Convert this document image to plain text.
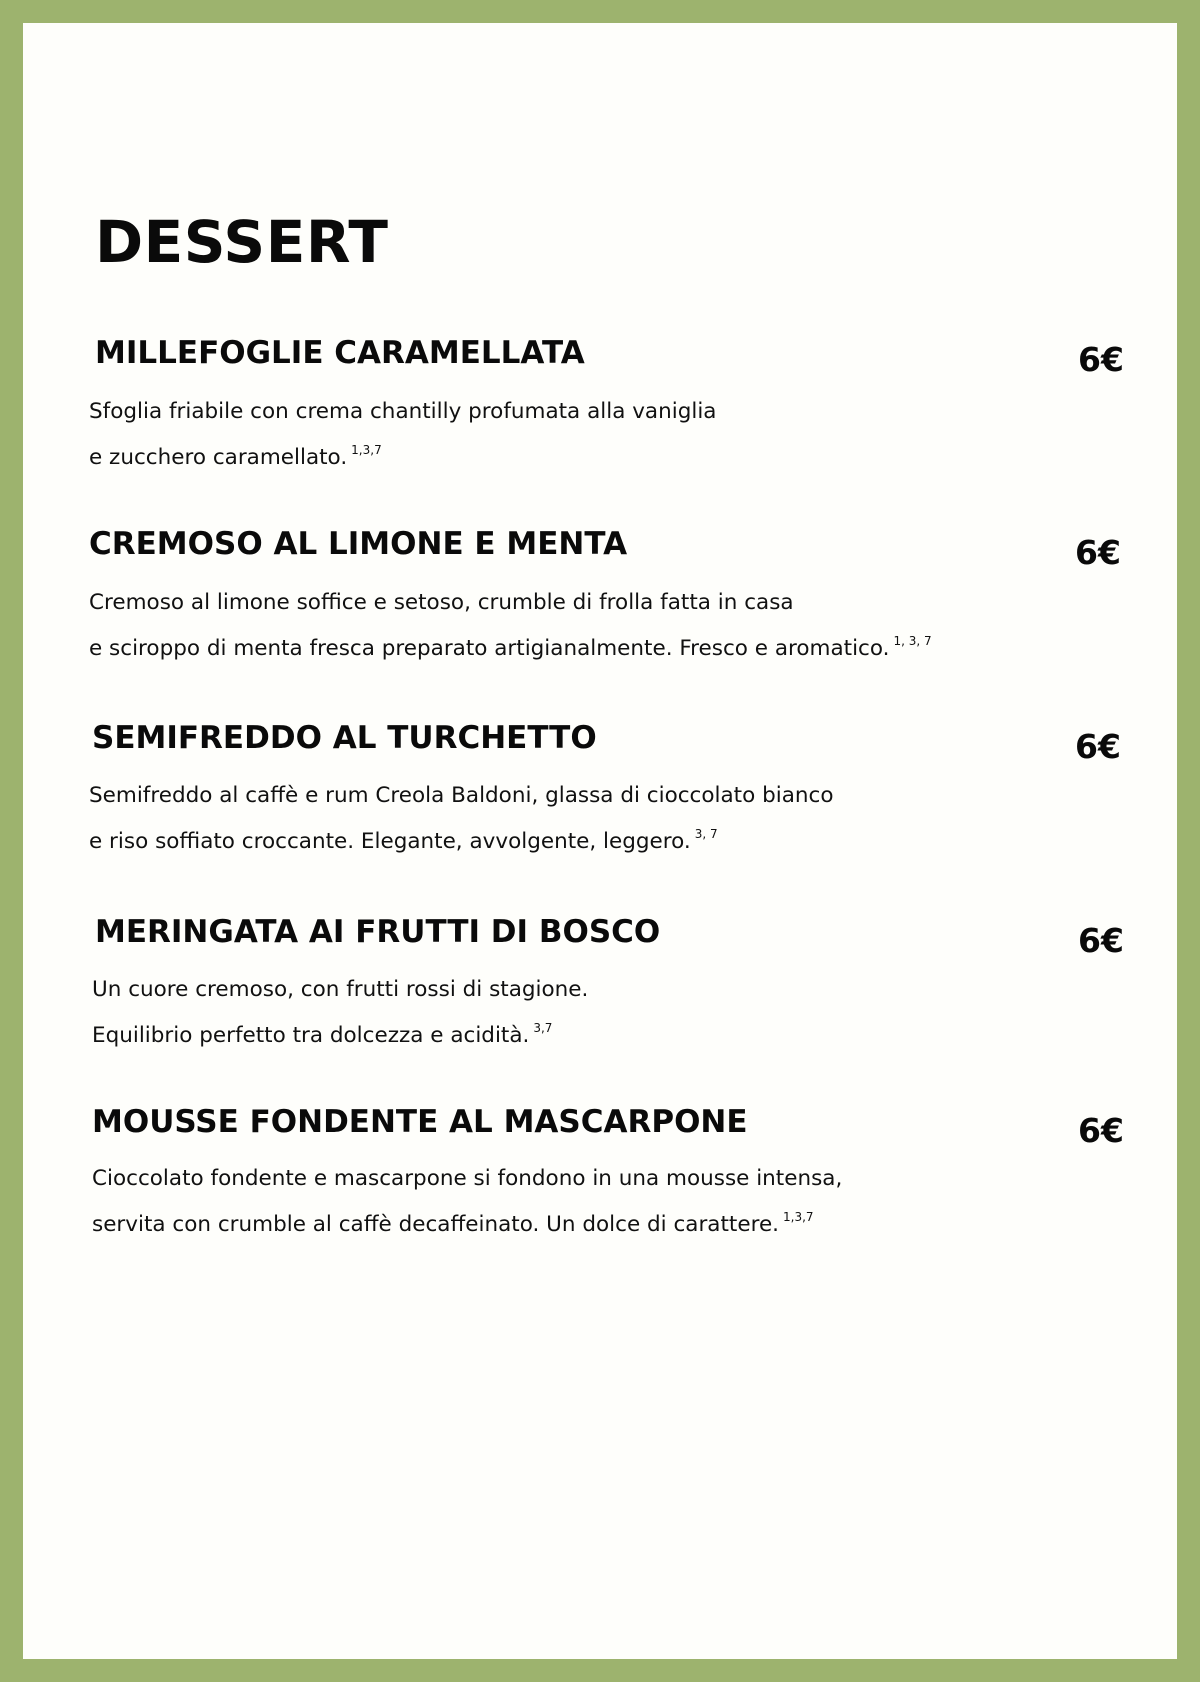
DESSERT
MILLEFOGLIE CARAMELLATA	6€
Sfoglia friabile con crema chantilly profumata alla vaniglia
e zucchero caramellato. $^{1,3,7}$
CREMOSO AL LIMONE E MENTA	6€
Cremoso al limone soffice e setoso, crumble di frolla fatta in casa
e sciroppo di menta fresca preparato artigianalmente. Fresco e aromatico. $^{1, 3, 7}$
SEMIFREDDO AL TURCHETTO	6€
Semifreddo al caffè e rum Creola Baldoni, glassa di cioccolato bianco
e riso soffiato croccante. Elegante, avvolgente, leggero. $^{3, 7}$
MERINGATA AI FRUTTI DI BOSCO	6€
Un cuore cremoso, con frutti rossi di stagione.
Equilibrio perfetto tra dolcezza e acidità. $^{3,7}$
MOUSSE FONDENTE AL MASCARPONE	6€
Cioccolato fondente e mascarpone si fondono in una mousse intensa,
servita con crumble al caffè decaffeinato. Un dolce di carattere. $^{1,3,7}$
